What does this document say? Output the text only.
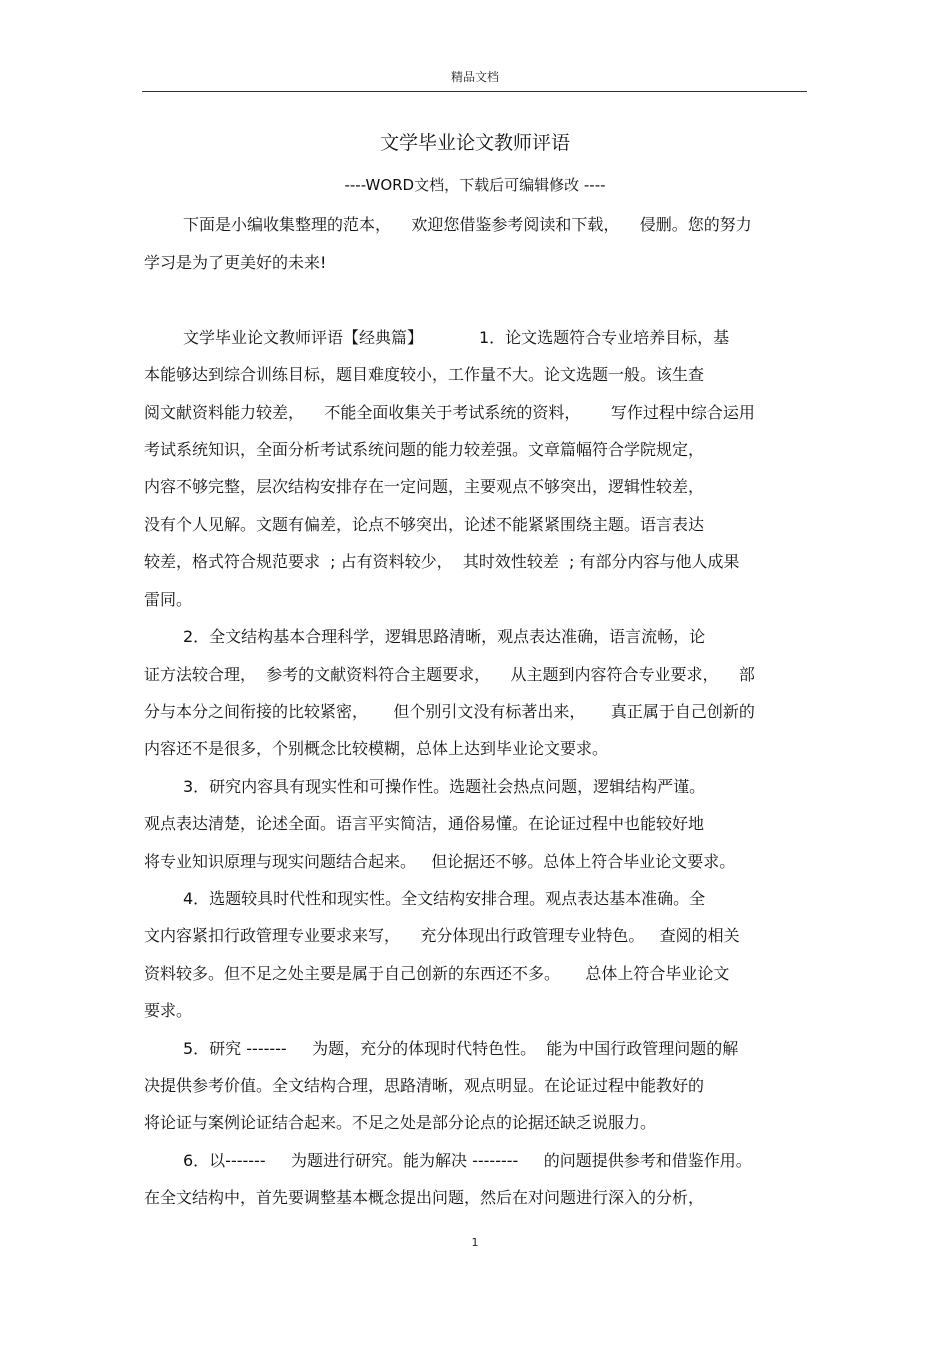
精品文档
文学毕业论文教师评语
----WORD文档，下载后可编辑修改 ----
下面是小编收集整理的范本，    欢迎您借鉴参考阅读和下载，    侵删。您的努力
学习是为了更美好的未来!
文学毕业论文教师评语【经典篇】           1．论文选题符合专业培养目标，基
本能够达到综合训练目标，题目难度较小，工作量不大。论文选题一般。该生查
阅文献资料能力较差，    不能全面收集关于考试系统的资料，      写作过程中综合运用
考试系统知识，全面分析考试系统问题的能力较差强。文章篇幅符合学院规定，
内容不够完整，层次结构安排存在一定问题，主要观点不够突出，逻辑性较差，
没有个人见解。文题有偏差，论点不够突出，论述不能紧紧围绕主题。语言表达
较差，格式符合规范要求  ; 占有资料较少，  其时效性较差  ; 有部分内容与他人成果
雷同。
2．全文结构基本合理科学，逻辑思路清晰，观点表达准确，语言流畅，论
证方法较合理，  参考的文献资料符合主题要求，    从主题到内容符合专业要求，    部
分与本分之间衔接的比较紧密，     但个别引文没有标著出来，     真正属于自己创新的
内容还不是很多，个别概念比较模糊，总体上达到毕业论文要求。
3．研究内容具有现实性和可操作性。选题社会热点问题，逻辑结构严谨。
观点表达清楚，论述全面。语言平实简洁，通俗易懂。在论证过程中也能较好地
将专业知识原理与现实问题结合起来。   但论据还不够。总体上符合毕业论文要求。
4．选题较具时代性和现实性。全文结构安排合理。观点表达基本准确。全
文内容紧扣行政管理专业要求来写，    充分体现出行政管理专业特色。   查阅的相关
资料较多。但不足之处主要是属于自己创新的东西还不多。     总体上符合毕业论文
要求。
5．研究 -------     为题，充分的体现时代特色性。  能为中国行政管理问题的解
决提供参考价值。全文结构合理，思路清晰，观点明显。在论证过程中能教好的
将论证与案例论证结合起来。不足之处是部分论点的论据还缺乏说服力。
6．以-------     为题进行研究。能为解决 --------     的问题提供参考和借鉴作用。
在全文结构中，首先要调整基本概念提出问题，然后在对问题进行深入的分析，
1
